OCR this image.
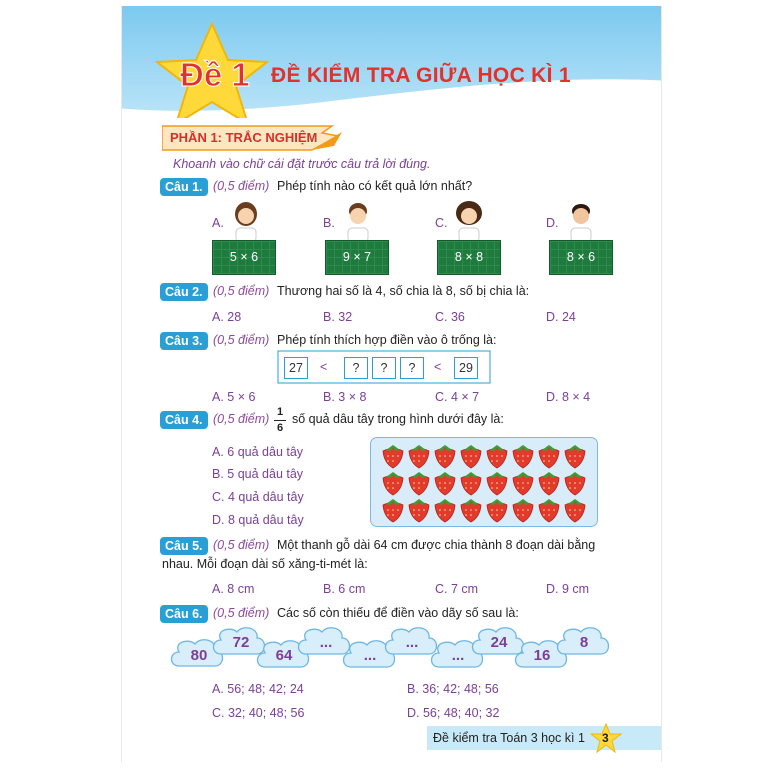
Đề 1 ĐỀ KIỂM TRA GIỮA HỌC KÌ 1
PHẦN 1: TRẮC NGHIỆM
Khoanh vào chữ cái đặt trước câu trả lời đúng.
Câu 1. (0,5 điểm) Phép tính nào có kết quả lớn nhất?
A.	B.	C.	D.
5 × 6	9 × 7	8 × 8	8 × 6
Câu 2. (0,5 điểm) Thương hai số là 4, số chia là 8, số bị chia là:
A. 28	B. 32	C. 36	D. 24
Câu 3. (0,5 điểm) Phép tính thích hợp điền vào ô trống là:
27	<	?	?	?	<	29
A. 5 × 6	B. 3 × 8	C. 4 × 7	D. 8 × 4
Câu 4. (0,5 điểm) 1
6
số quả dâu tây trong hình dưới đây là:
A. 6 quả dâu tây
B. 5 quả dâu tây
C. 4 quả dâu tây
D. 8 quả dâu tây
Câu 5. (0,5 điểm) Một thanh gỗ dài 64 cm được chia thành 8 đoạn dài bằng
nhau. Mỗi đoạn dài số xăng-ti-mét là:
A. 8 cm	B. 6 cm	C. 7 cm	D. 9 cm
Câu 6. (0,5 điểm) Các số còn thiếu để điền vào dãy số sau là:
80
72
64
...
...
...
...
24
16
8
A. 56; 48; 42; 24	B. 36; 42; 48; 56
C. 32; 40; 48; 56	D. 56; 48; 40; 32
Đề kiểm tra Toán 3 học kì 1 3
